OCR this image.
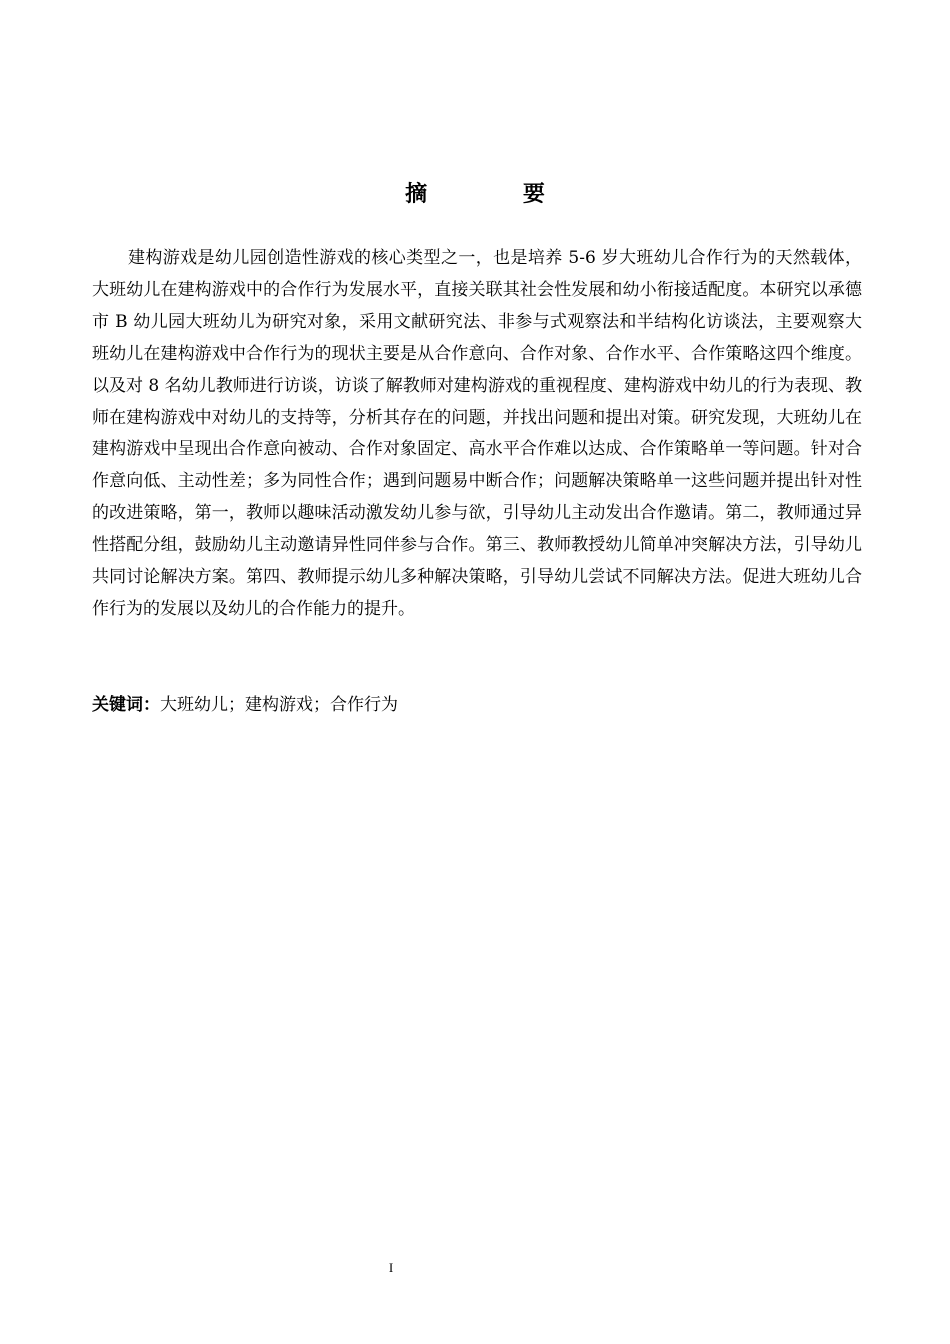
摘 要

建构游戏是幼儿园创造性游戏的核心类型之一，也是培养 5-6 岁大班幼儿合作行为的天然载体，大班幼儿在建构游戏中的合作行为发展水平，直接关联其社会性发展和幼小衔接适配度。本研究以承德市 B 幼儿园大班幼儿为研究对象，采用文献研究法、非参与式观察法和半结构化访谈法，主要观察大班幼儿在建构游戏中合作行为的现状主要是从合作意向、合作对象、合作水平、合作策略这四个维度。以及对 8 名幼儿教师进行访谈，访谈了解教师对建构游戏的重视程度、建构游戏中幼儿的行为表现、教师在建构游戏中对幼儿的支持等，分析其存在的问题，并找出问题和提出对策。研究发现，大班幼儿在建构游戏中呈现出合作意向被动、合作对象固定、高水平合作难以达成、合作策略单一等问题。针对合作意向低、主动性差；多为同性合作；遇到问题易中断合作；问题解决策略单一这些问题并提出针对性的改进策略，第一，教师以趣味活动激发幼儿参与欲，引导幼儿主动发出合作邀请。第二，教师通过异性搭配分组，鼓励幼儿主动邀请异性同伴参与合作。第三、教师教授幼儿简单冲突解决方法，引导幼儿共同讨论解决方案。第四、教师提示幼儿多种解决策略，引导幼儿尝试不同解决方法。促进大班幼儿合作行为的发展以及幼儿的合作能力的提升。

关键词：大班幼儿；建构游戏；合作行为

I
